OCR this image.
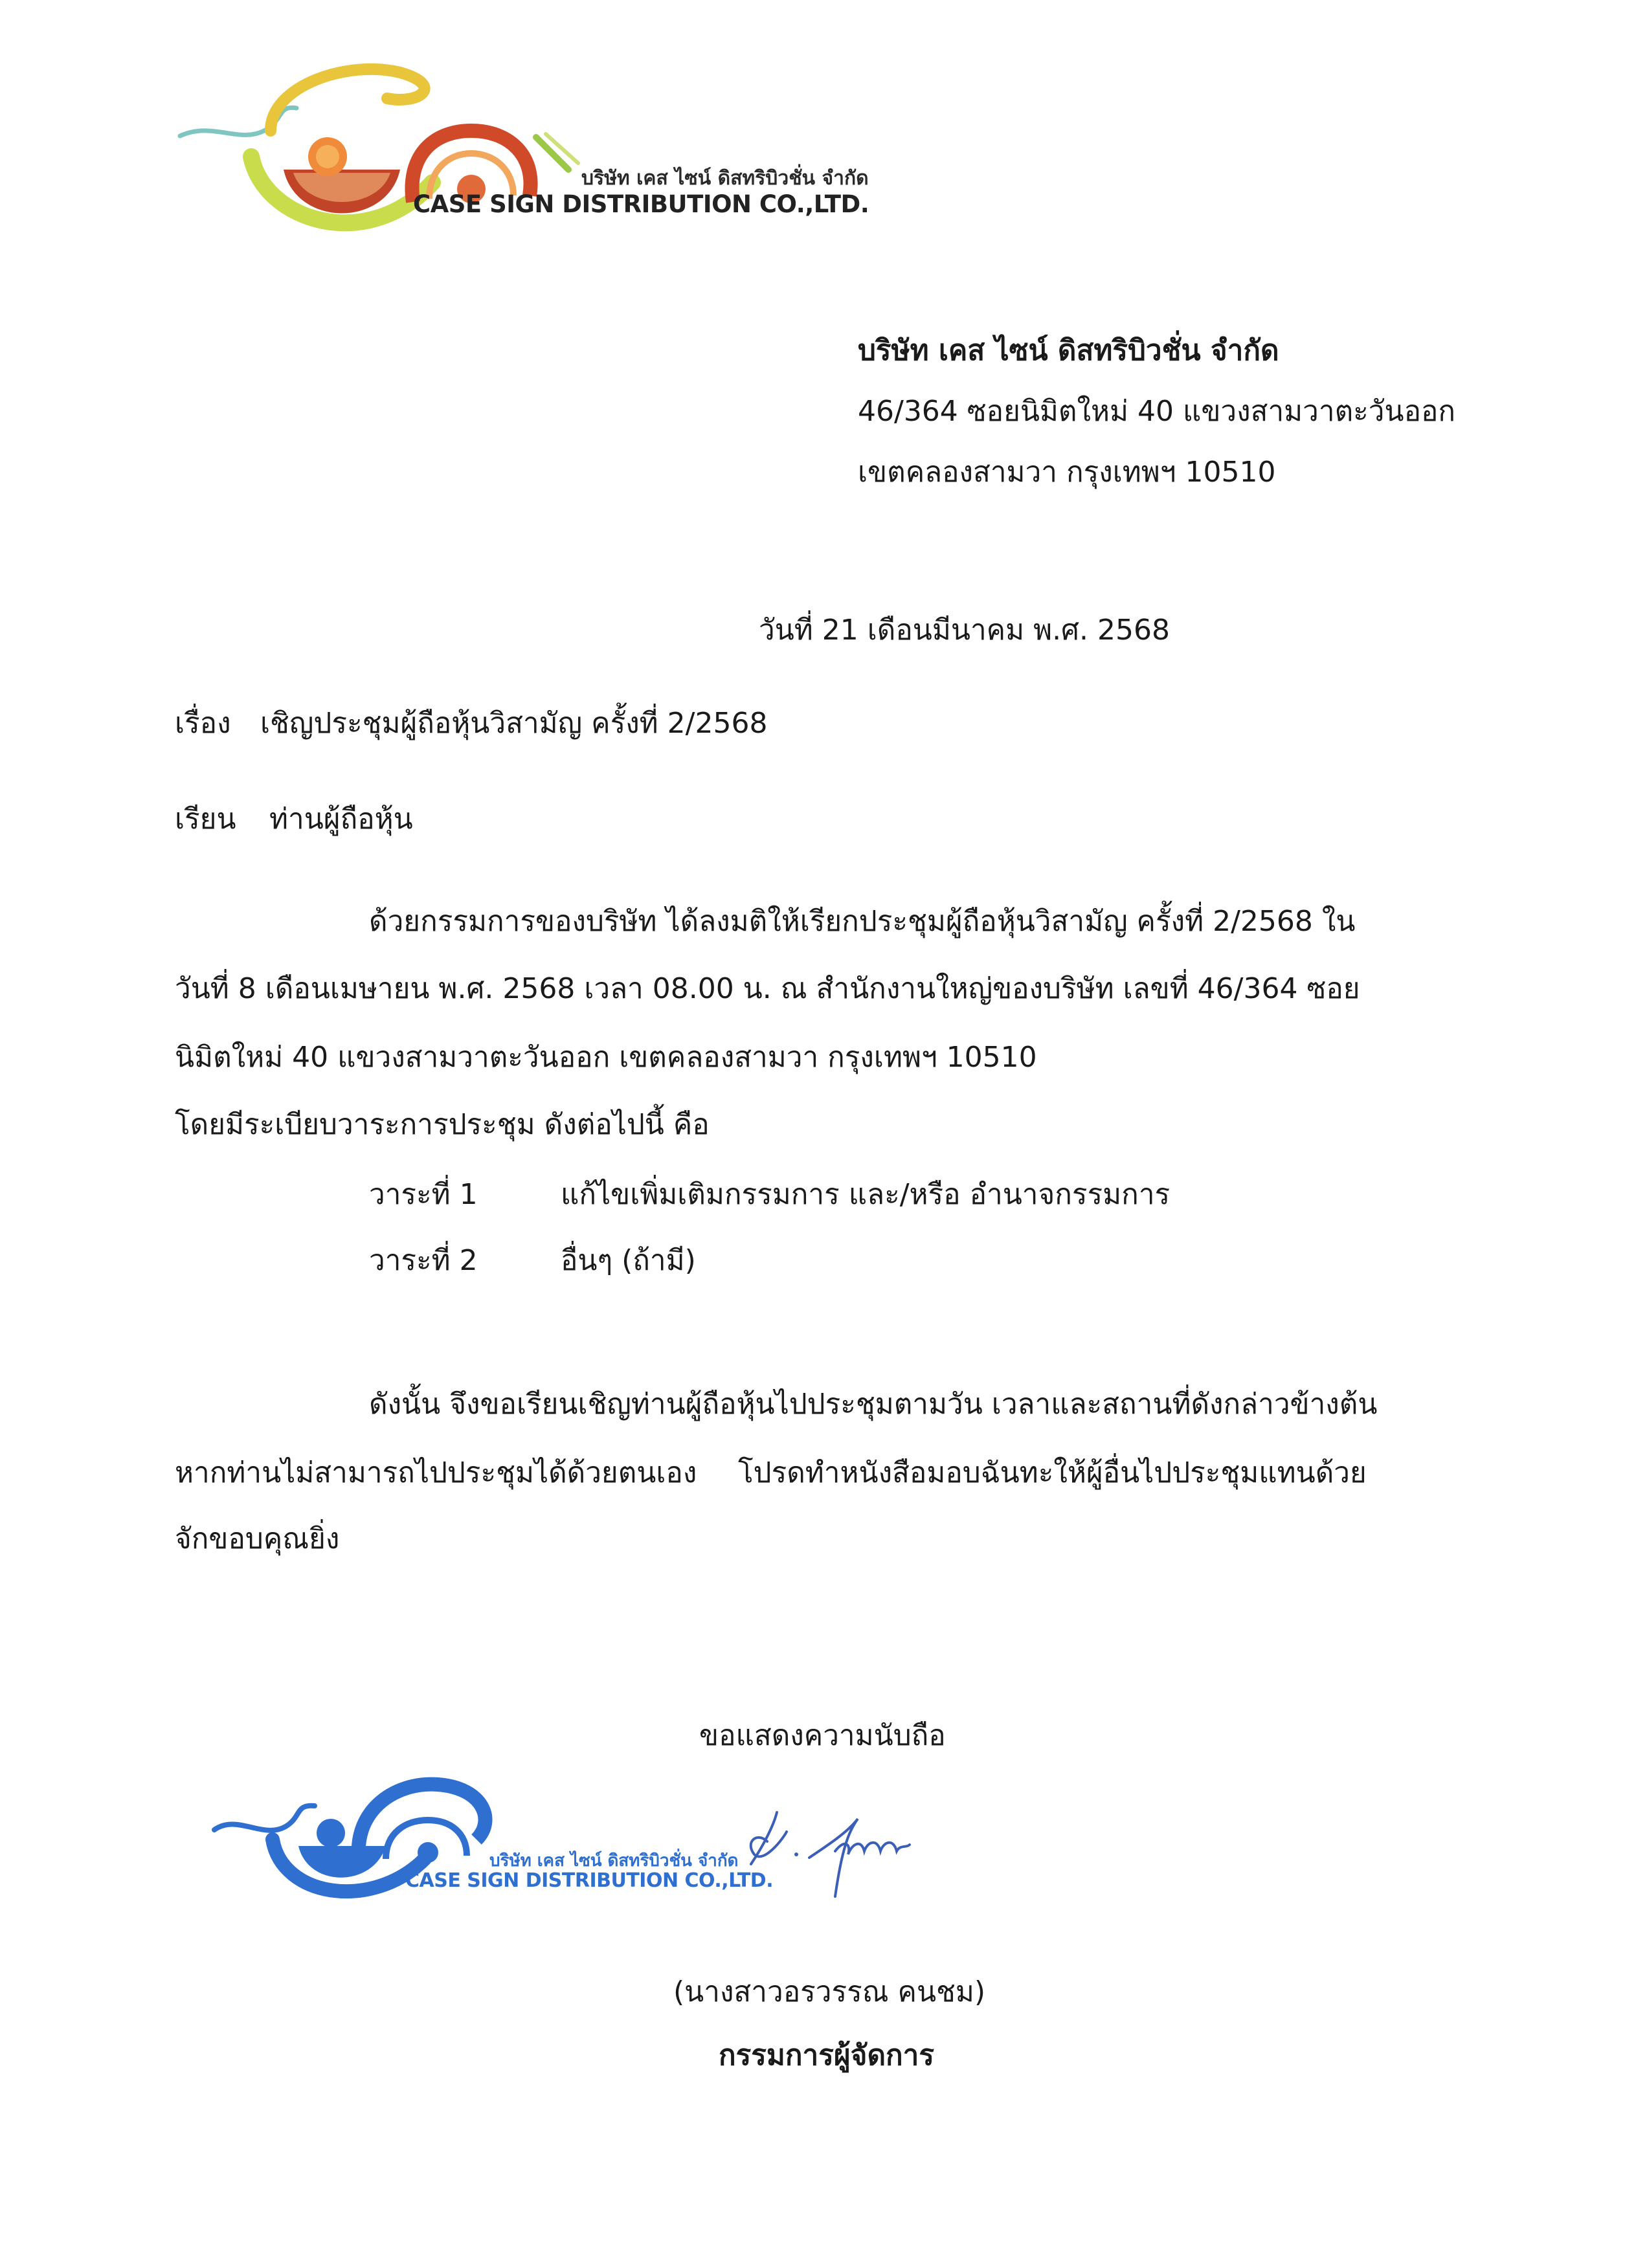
บริษัท เคส ไซน์ ดิสทริบิวชั่น จำกัด
CASE SIGN DISTRIBUTION CO.,LTD.
บริษัท เคส ไซน์ ดิสทริบิวชั่น จำกัด
46/364 ซอยนิมิตใหม่ 40 แขวงสามวาตะวันออก
เขตคลองสามวา กรุงเทพฯ 10510
วันที่ 21 เดือนมีนาคม พ.ศ. 2568
เรื่อง เชิญประชุมผู้ถือหุ้นวิสามัญ ครั้งที่ 2/2568
เรียน ท่านผู้ถือหุ้น
ด้วยกรรมการของบริษัท ได้ลงมติให้เรียกประชุมผู้ถือหุ้นวิสามัญ ครั้งที่ 2/2568 ใน
วันที่ 8 เดือนเมษายน พ.ศ. 2568 เวลา 08.00 น. ณ สำนักงานใหญ่ของบริษัท เลขที่ 46/364 ซอย
นิมิตใหม่ 40 แขวงสามวาตะวันออก เขตคลองสามวา กรุงเทพฯ 10510
โดยมีระเบียบวาระการประชุม ดังต่อไปนี้ คือ
วาระที่ 1	แก้ไขเพิ่มเติมกรรมการ และ/หรือ อำนาจกรรมการ
วาระที่ 2	อื่นๆ (ถ้ามี)
ดังนั้น จึงขอเรียนเชิญท่านผู้ถือหุ้นไปประชุมตามวัน เวลาและสถานที่ดังกล่าวข้างต้น
หากท่านไม่สามารถไปประชุมได้ด้วยตนเอง โปรดทำหนังสือมอบฉันทะให้ผู้อื่นไปประชุมแทนด้วย
จักขอบคุณยิ่ง
ขอแสดงความนับถือ
บริษัท เคส ไซน์ ดิสทริบิวชั่น จำกัด
CASE SIGN DISTRIBUTION CO.,LTD.
(นางสาวอรวรรณ คนชม)
กรรมการผู้จัดการ
